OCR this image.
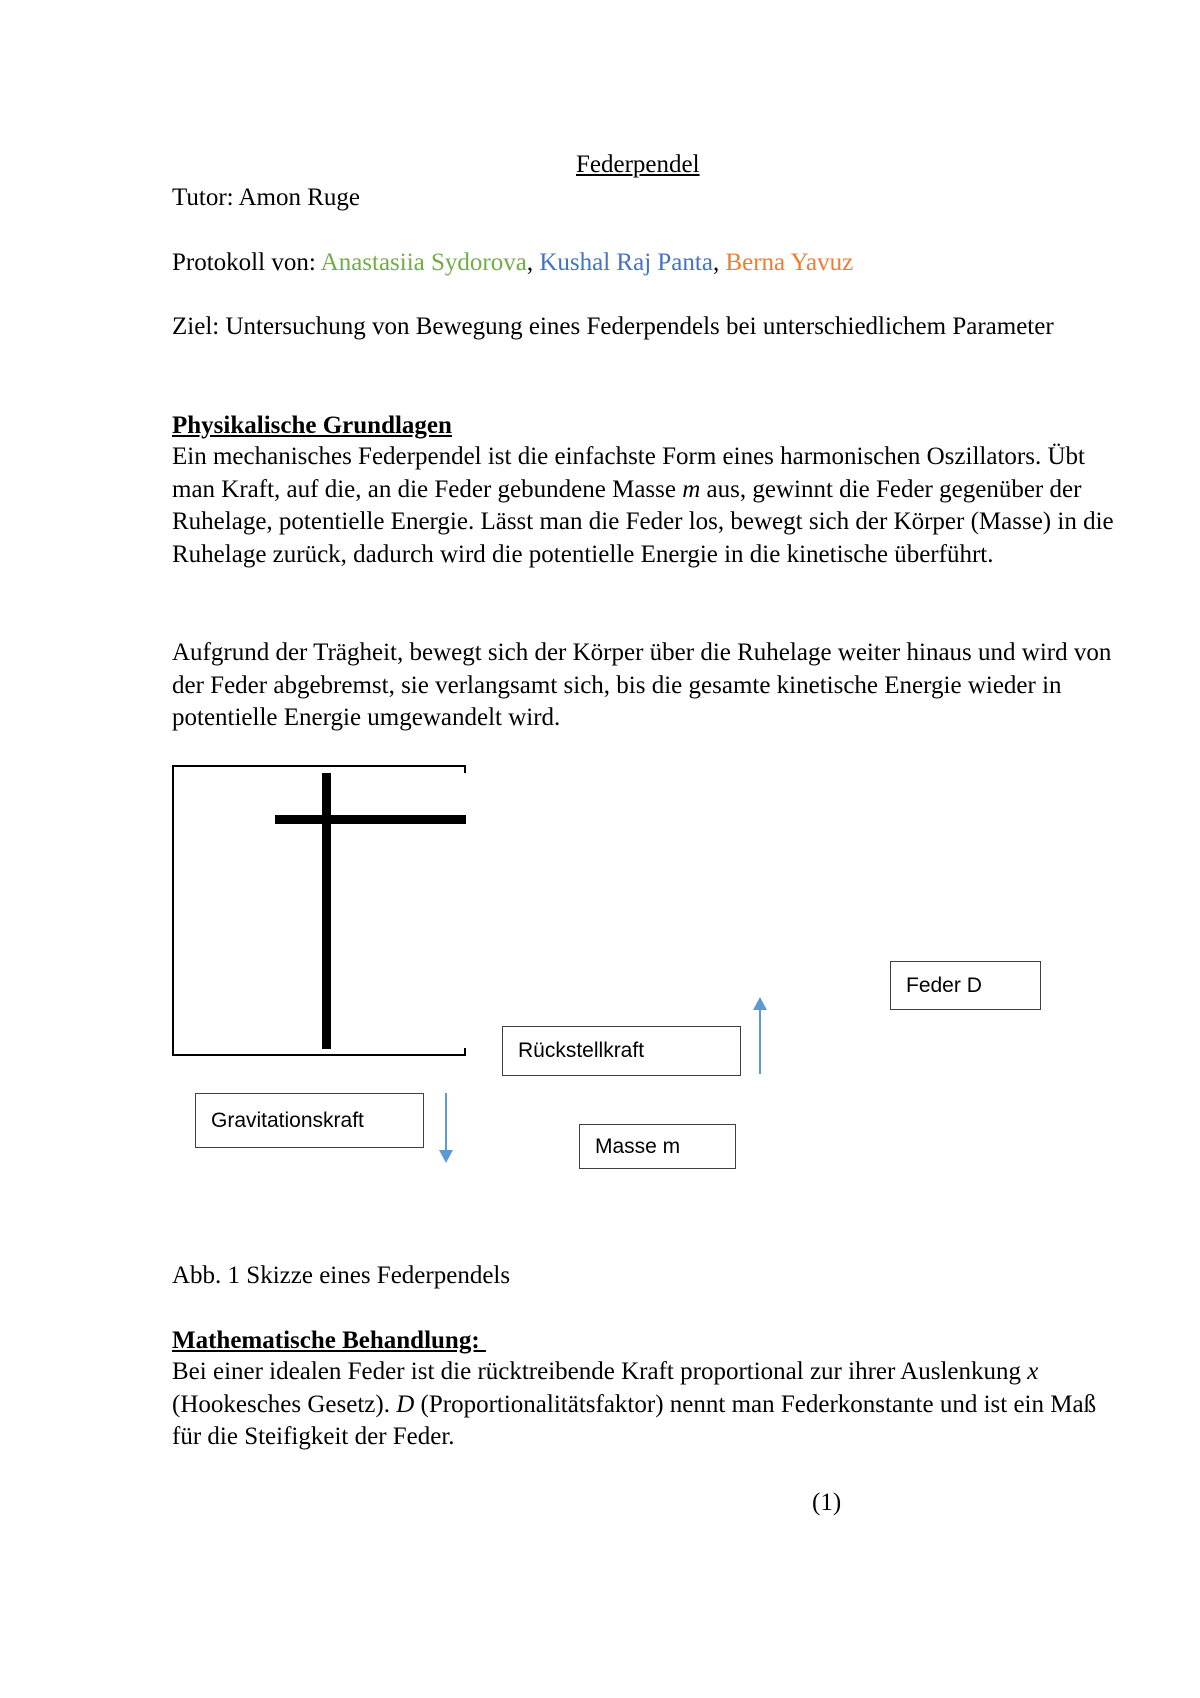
Federpendel
Tutor: Amon Ruge
Protokoll von: Anastasiia Sydorova, Kushal Raj Panta, Berna Yavuz
Ziel: Untersuchung von Bewegung eines Federpendels bei unterschiedlichem Parameter
Physikalische Grundlagen
Ein mechanisches Federpendel ist die einfachste Form eines harmonischen Oszillators. Übt man Kraft, auf die, an die Feder gebundene Masse m aus, gewinnt die Feder gegenüber der Ruhelage, potentielle Energie. Lässt man die Feder los, bewegt sich der Körper (Masse) in die Ruhelage zurück, dadurch wird die potentielle Energie in die kinetische überführt.
Aufgrund der Trägheit, bewegt sich der Körper über die Ruhelage weiter hinaus und wird von der Feder abgebremst, sie verlangsamt sich, bis die gesamte kinetische Energie wieder in potentielle Energie umgewandelt wird.
Feder D
Rückstellkraft
Gravitationskraft
Masse m
Abb. 1 Skizze eines Federpendels
Mathematische Behandlung:
Bei einer idealen Feder ist die rücktreibende Kraft proportional zur ihrer Auslenkung x (Hookesches Gesetz). D (Proportionalitätsfaktor) nennt man Federkonstante und ist ein Maß für die Steifigkeit der Feder.
(1)
